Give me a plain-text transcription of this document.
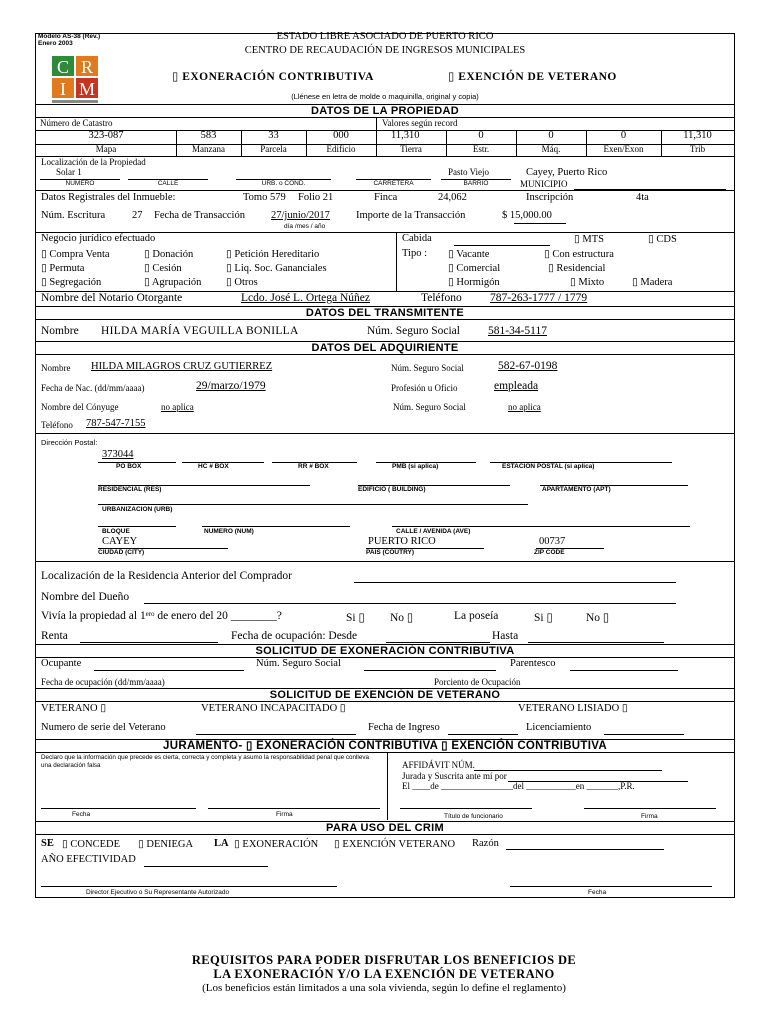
Modelo AS-38 (Rev.)
Enero 2003
C R
I M
ESTADO LIBRE ASOCIADO DE PUERTO RICO
CENTRO DE RECAUDACIÓN DE INGRESOS MUNICIPALES
▯ EXONERACIÓN CONTRIBUTIVA	▯ EXENCIÓN DE VETERANO
(Llénese en letra de molde o maquinilla, original y copia)
DATOS DE LA PROPIEDAD
Número de Catastro	Valores según record
323-087	583	33	000	11,310	0	0	0	11,310
Mapa	Manzana	Parcela	Edificio	Tierra	Estr.	Máq.	Exen/Exon	Trib
Localización de la Propiedad
Solar 1	Pasto Viejo	Cayey, Puerto Rico
NUMERO	CALLE	URB. o COND.	CARRETERA	BARRIO	MUNICIPIO
Datos Registrales del Inmueble:	Tomo 579 Folio 21	Finca	24,062	Inscripción	4ta
Núm. Escritura	27 Fecha de Transacción 27/junio/2017 Importe de la Transacción	$ 15,000.00
día /mes / año
Negocio jurídico efectuado
▯ Compra Venta	▯ Donación	▯ Petición Hereditario
▯ Permuta	▯ Cesión	▯ Liq. Soc. Gananciales
▯ Segregación	▯ Agrupación ▯ Otros
Cabida	▯ MTS	▯ CDS
Tipo : ▯ Vacante	▯ Con estructura
▯ Comercial	▯ Residencial
▯ Hormigón	▯ Mixto	▯ Madera
Nombre del Notario Otorgante	Lcdo. José L. Ortega Núñez	Teléfono 787-263-1777 / 1779
DATOS DEL TRANSMITENTE
Nombre HILDA MARÍA VEGUILLA BONILLA	Núm. Seguro Social 581-34-5117
DATOS DEL ADQUIRIENTE
Nombre HILDA MILAGROS CRUZ GUTIERREZ	Núm. Seguro Social	582-67-0198
Fecha de Nac. (dd/mm/aaaa)	29/marzo/1979	Profesión u Oficio	empleada
Nombre del Cónyuge	no aplica	Núm. Seguro Social	no aplica
Teléfono 787-547-7155
Dirección Postal:
373044
PO BOX	HC # BOX	RR # BOX	PMB (si aplica)	ESTACION POSTAL (si aplica)
RESIDENCIAL (RES)	EDIFICIO ( BUILDING)	APARTAMENTO (APT)
URBANIZACION (URB)
BLOQUE	NUMERO (NUM)	CALLE / AVENIDA (AVE)
CAYEY	PUERTO RICO	00737
CIUDAD (CITY)	PAIS (COUTRY)	ZIP CODE
Localización de la Residencia Anterior del Comprador
Nombre del Dueño
Vivía la propiedad al 1ᵉʳᵒ de enero del 20 ________?	Si ▯ No ▯	La poseía	Si ▯	No ▯
Renta	Fecha de ocupación: Desde	Hasta
SOLICITUD DE EXONERACIÓN CONTRIBUTIVA
Ocupante	Núm. Seguro Social	Parentesco
Fecha de ocupación (dd/mm/aaaa)	Porciento de Ocupación
SOLICITUD DE EXENCIÓN DE VETERANO
VETERANO ▯	VETERANO INCAPACITADO ▯	VETERANO LISIADO ▯
Numero de serie del Veterano	Fecha de Ingreso	Licenciamiento
JURAMENTO- ▯ EXONERACIÓN CONTRIBUTIVA ▯ EXENCIÓN CONTRIBUTIVA
Declaro que la información que precede es cierta, correcta y completa y asumo la responsabilidad penal que conlleva una declaración falsa	AFFIDÁVIT NÚM.
Jurada y Suscrita ante mí por
El ____de ________________del ___________en _______,P.R.
Fecha	Firma	Título de funcionario	Firma
PARA USO DEL CRIM
SE ▯ CONCEDE ▯ DENIEGA LA ▯ EXONERACIÓN ▯ EXENCIÓN VETERANO Razón
AÑO EFECTIVIDAD
Director Ejecutivo o Su Representante Autorizado	Fecha
REQUISITOS PARA PODER DISFRUTAR LOS BENEFICIOS DE
LA EXONERACIÓN Y/O LA EXENCIÓN DE VETERANO
(Los beneficios están limitados a una sola vivienda, según lo define el reglamento)
